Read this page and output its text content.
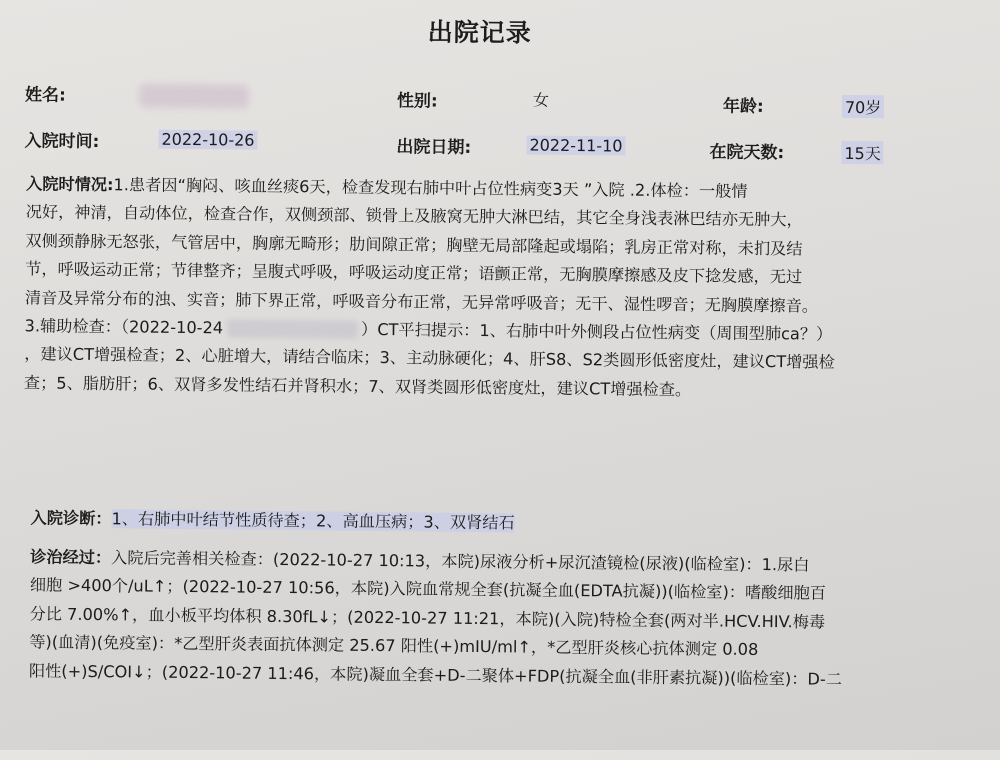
出院记录
姓名:	性别:	女	年龄:	70岁
入院时间:	2022-10-26	出院日期:	2022-11-10	在院天数:	15天
入院时情况:1.患者因“胸闷、咳血丝痰6天，检查发现右肺中叶占位性病变3天 ”入院 .2.体检：一般情
况好，神清，自动体位，检查合作，双侧颈部、锁骨上及腋窝无肿大淋巴结，其它全身浅表淋巴结亦无肿大，
双侧颈静脉无怒张，气管居中，胸廓无畸形；肋间隙正常；胸壁无局部隆起或塌陷；乳房正常对称，未扪及结
节，呼吸运动正常；节律整齐；呈腹式呼吸，呼吸运动度正常；语颤正常，无胸膜摩擦感及皮下捻发感，无过
清音及异常分布的浊、实音；肺下界正常，呼吸音分布正常，无异常呼吸音；无干、湿性啰音；无胸膜摩擦音。
3.辅助检查：（2022-10-24	）CT平扫提示：1、右肺中叶外侧段占位性病变（周围型肺ca？）
，建议CT增强检查；2、心脏增大，请结合临床；3、主动脉硬化；4、肝S8、S2类圆形低密度灶，建议CT增强检
查；5、脂肪肝；6、双肾多发性结石并肾积水；7、双肾类圆形低密度灶，建议CT增强检查。
入院诊断：1、右肺中叶结节性质待查；2、高血压病；3、双肾结石
诊治经过：入院后完善相关检查：(2022-10-27 10:13，本院)尿液分析+尿沉渣镜检(尿液)(临检室)：1.尿白
细胞 >400个/uL↑；(2022-10-27 10:56，本院)入院血常规全套(抗凝全血(EDTA抗凝))(临检室)：嗜酸细胞百
分比 7.00%↑，血小板平均体积 8.30fL↓；(2022-10-27 11:21，本院)(入院)特检全套(两对半.HCV.HIV.梅毒
等)(血清)(免疫室)：*乙型肝炎表面抗体测定 25.67 阳性(+)mIU/ml↑，*乙型肝炎核心抗体测定 0.08
阳性(+)S/COI↓；(2022-10-27 11:46，本院)凝血全套+D-二聚体+FDP(抗凝全血(非肝素抗凝))(临检室)：D-二
